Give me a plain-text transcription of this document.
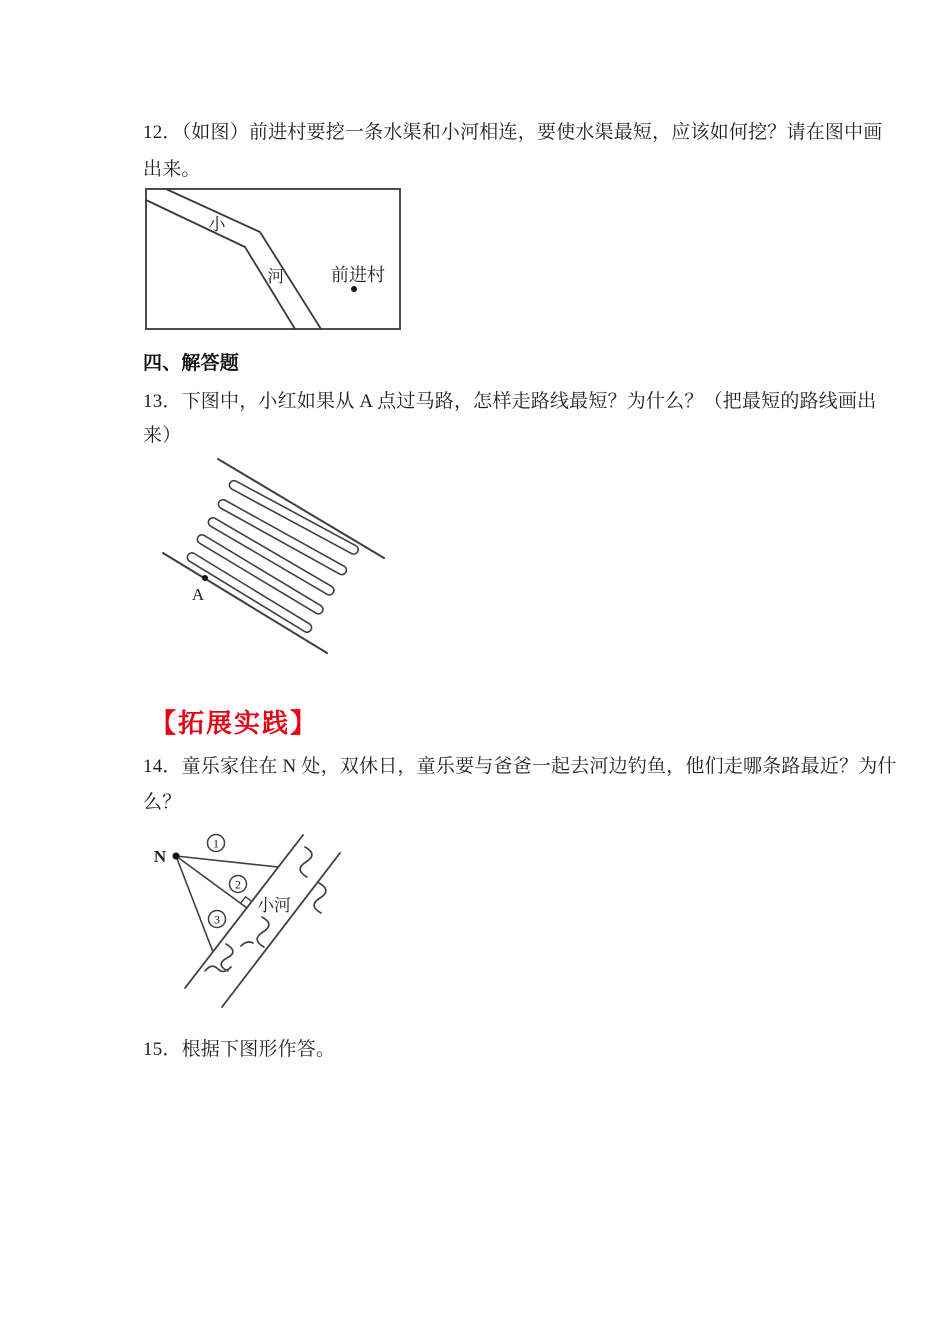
12．（如图）前进村要挖一条水渠和小河相连，要使水渠最短，应该如何挖？请在图中画
出来。
小
河	前进村
四、解答题
13．下图中，小红如果从 A 点过马路，怎样走路线最短？为什么？（把最短的路线画出
来）
A
【拓展实践】
14．童乐家住在 N 处，双休日，童乐要与爸爸一起去河边钓鱼，他们走哪条路最近？为什
么？
N
1
2
3
小河
15．根据下图形作答。
